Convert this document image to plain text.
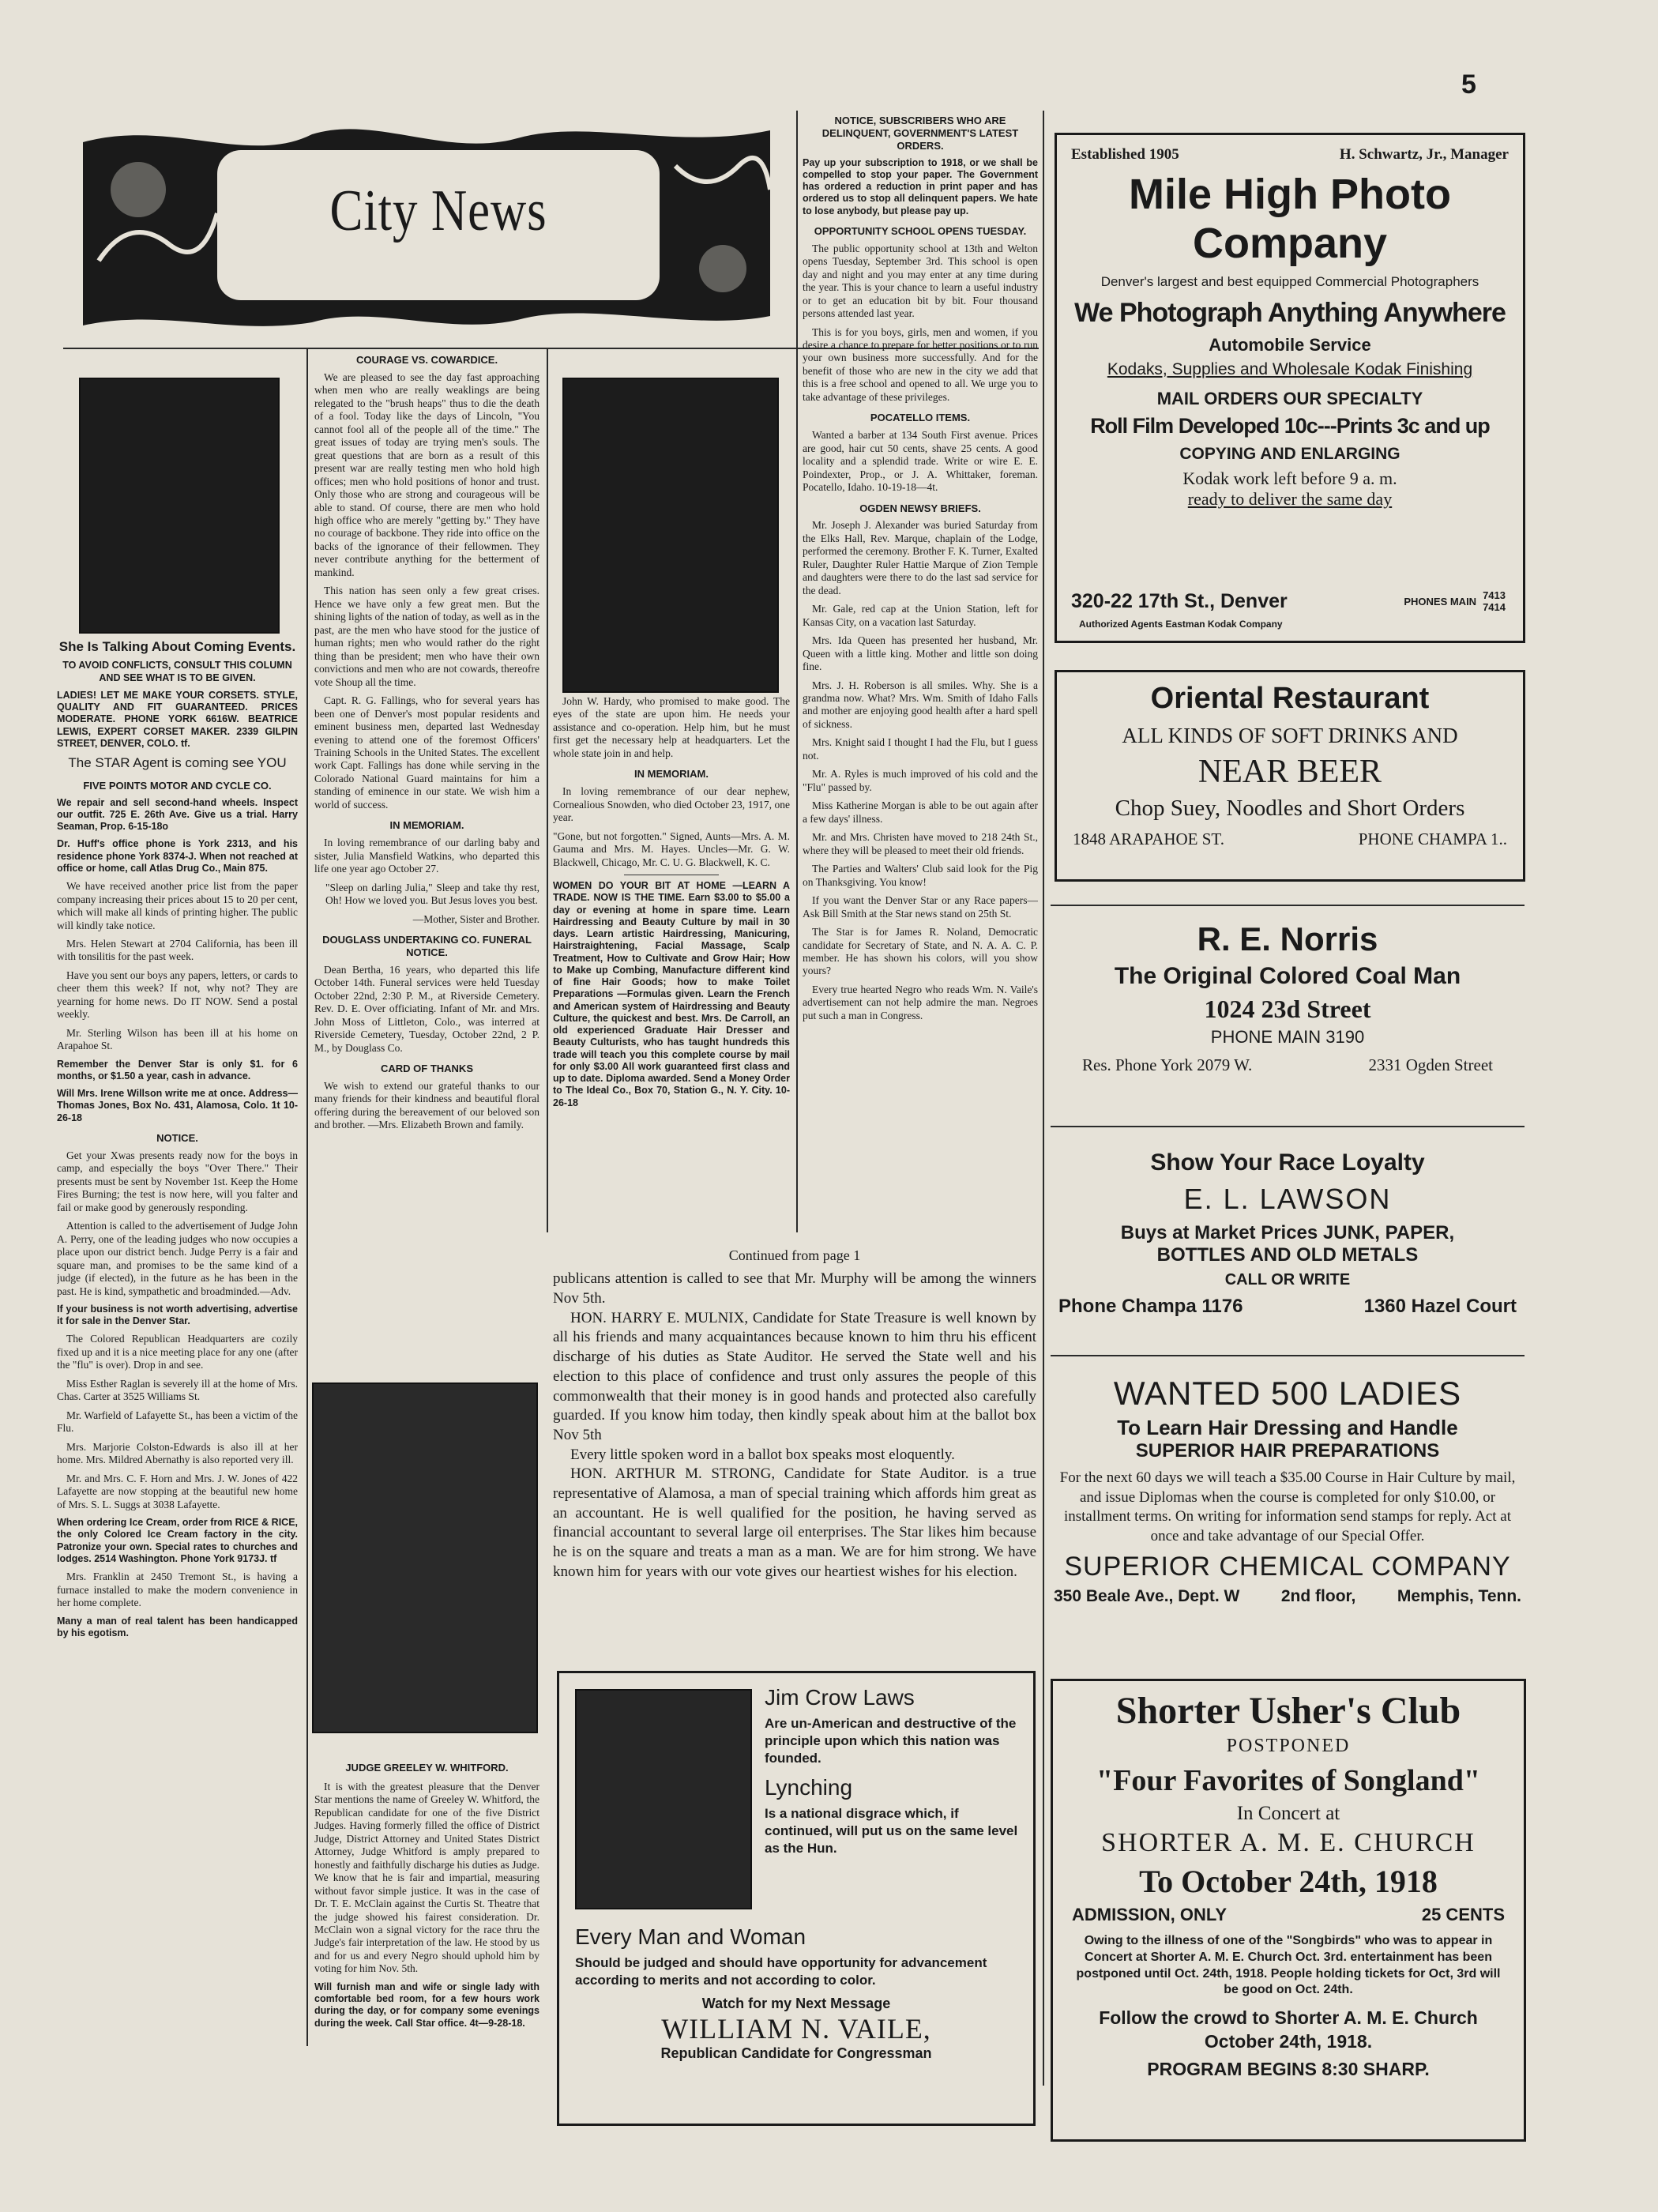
5
City News
She Is Talking About Coming Events.

TO AVOID CONFLICTS, CONSULT THIS COLUMN AND SEE WHAT IS TO BE GIVEN.

LADIES! LET ME MAKE YOUR CORSETS. STYLE, QUALITY AND FIT GUARANTEED. PRICES MODERATE. PHONE YORK 6616W. BEATRICE LEWIS, EXPERT CORSET MAKER. 2339 GILPIN STREET, DENVER, COLO. tf.

The STAR Agent is coming see YOU
FIVE POINTS MOTOR AND CYCLE CO.

We repair and sell second-hand wheels. Inspect our outfit. 725 E. 26th Ave. Give us a trial. Harry Seaman, Prop. 6-15-18o

Dr. Huff's office phone is York 2313, and his residence phone York 8374-J. When not reached at office or home, call Atlas Drug Co., Main 875.

We have received another price list from the paper company increasing their prices about 15 to 20 per cent, which will make all kinds of printing higher. The public will kindly take notice.

Mrs. Helen Stewart at 2704 California, has been ill with tonsilitis for the past week.

Have you sent our boys any papers, letters, or cards to cheer them this week? If not, why not? They are yearning for home news. Do IT NOW. Send a postal weekly.

Mr. Sterling Wilson has been ill at his home on Arapahoe St.

Remember the Denver Star is only $1. for 6 months, or $1.50 a year, cash in advance.

Will Mrs. Irene Willson write me at once. Address—Thomas Jones, Box No. 431, Alamosa, Colo. 1t 10-26-18

NOTICE.

Get your Xwas presents ready now for the boys in camp, and especially the boys "Over There." Their presents must be sent by November 1st. Keep the Home Fires Burning; the test is now here, will you falter and fail or make good by generously responding.

Attention is called to the advertisement of Judge John A. Perry, one of the leading judges who now occupies a place upon our district bench. Judge Perry is a fair and square man, and promises to be the same kind of a judge (if elected), in the future as he has been in the past. He is kind, sympathetic and broadminded.—Adv.

If your business is not worth advertising, advertise it for sale in the Denver Star.

The Colored Republican Headquarters are cozily fixed up and it is a nice meeting place for any one (after the "flu" is over). Drop in and see.

Miss Esther Raglan is severely ill at the home of Mrs. Chas. Carter at 3525 Williams St.

Mr. Warfield of Lafayette St., has been a victim of the Flu.

Mrs. Marjorie Colston-Edwards is also ill at her home. Mrs. Mildred Abernathy is also reported very ill.

Mr. and Mrs. C. F. Horn and Mrs. J. W. Jones of 422 Lafayette are now stopping at the beautiful new home of Mrs. S. L. Suggs at 3038 Lafayette.

When ordering Ice Cream, order from RICE & RICE, the only Colored Ice Cream factory in the city. Patronize your own. Special rates to churches and lodges. 2514 Washington. Phone York 9173J. tf

Mrs. Franklin at 2450 Tremont St., is having a furnace installed to make the modern convenience in her home complete.

Many a man of real talent has been handicapped by his egotism.

COURAGE VS. COWARDICE.

We are pleased to see the day fast approaching when men who are really weaklings are being relegated to the "brush heaps" thus to die the death of a fool. Today like the days of Lincoln, "You cannot fool all of the people all of the time." The great issues of today are trying men's souls. The great questions that are born as a result of this present war are really testing men who hold high offices; men who hold positions of honor and trust. Only those who are strong and courageous will be able to stand. Of course, there are men who hold high office who are merely "getting by." They have no courage of backbone. They ride into office on the backs of the ignorance of their fellowmen. They never contribute anything for the betterment of mankind.

This nation has seen only a few great crises. Hence we have only a few great men. But the shining lights of the nation of today, as well as in the past, are the men who have stood for the justice of human rights; men who would rather do the right thing than be president; men who have their own convictions and men who are not cowards, thereofre vote Shoup all the time.

Capt. R. G. Fallings, who for several years has been one of Denver's most popular residents and eminent business men, departed last Wednesday evening to attend one of the foremost Officers' Training Schools in the United States. The excellent work Capt. Fallings has done while serving in the Colorado National Guard maintains for him a standing of eminence in our state. We wish him a world of success.

IN MEMORIAM.

In loving remembrance of our darling baby and sister, Julia Mansfield Watkins, who departed this life one year ago October 27.

"Sleep on darling Julia," Sleep and take thy rest, Oh! How we loved you. But Jesus loves you best.

—Mother, Sister and Brother.

DOUGLASS UNDERTAKING CO. FUNERAL NOTICE.

Dean Bertha, 16 years, who departed this life October 14th. Funeral services were held Tuesday October 22nd, 2:30 P. M., at Riverside Cemetery. Rev. D. E. Over officiating. Infant of Mr. and Mrs. John Moss of Littleton, Colo., was interred at Riverside Cemetery, Tuesday, October 22nd, 2 P. M., by Douglass Co.

CARD OF THANKS

We wish to extend our grateful thanks to our many friends for their kindness and beautiful floral offering during the bereavement of our beloved son and brother. —Mrs. Elizabeth Brown and family.

JUDGE GREELEY W. WHITFORD.

It is with the greatest pleasure that the Denver Star mentions the name of Greeley W. Whitford, the Republican candidate for one of the five District Judges. Having formerly filled the office of District Judge, District Attorney and United States District Attorney, Judge Whitford is amply prepared to honestly and faithfully discharge his duties as Judge. We know that he is fair and impartial, measuring without favor simple justice. It was in the case of Dr. T. E. McClain against the Curtis St. Theatre that the judge showed his fairest consideration. Dr. McClain won a signal victory for the race thru the Judge's fair interpretation of the law. He stood by us and for us and every Negro should uphold him by voting for him Nov. 5th.

Will furnish man and wife or single lady with comfortable bed room, for a few hours work during the day, or for company some evenings during the week. Call Star office. 4t—9-28-18.

John W. Hardy, who promised to make good. The eyes of the state are upon him. He needs your assistance and co-operation. Help him, but he must first get the necessary help at headquarters. Let the whole state join in and help.

IN MEMORIAM.

In loving remembrance of our dear nephew, Cornealious Snowden, who died October 23, 1917, one year.

"Gone, but not forgotten." Signed, Aunts—Mrs. A. M. Gauma and Mrs. M. Hayes. Uncles—Mr. G. W. Blackwell, Chicago, Mr. C. U. G. Blackwell, K. C.

WOMEN DO YOUR BIT AT HOME —LEARN A TRADE. NOW IS THE TIME. Earn $3.00 to $5.00 a day or evening at home in spare time. Learn Hairdressing and Beauty Culture by mail in 30 days. Learn artistic Hairdressing, Manicuring, Hairstraightening, Facial Massage, Scalp Treatment, How to Cultivate and Grow Hair; How to Make up Combing, Manufacture different kind of fine Hair Goods; how to make Toilet Preparations —Formulas given. Learn the French and American system of Hairdressing and Beauty Culture, the quickest and best. Mrs. De Carroll, an old experienced Graduate Hair Dresser and Beauty Culturists, who has taught hundreds this trade will teach you this complete course by mail for only $3.00 All work guaranteed first class and up to date. Diploma awarded. Send a Money Order to The Ideal Co., Box 70, Station G., N. Y. City. 10-26-18

NOTICE, SUBSCRIBERS WHO ARE DELINQUENT, GOVERNMENT'S LATEST ORDERS.

Pay up your subscription to 1918, or we shall be compelled to stop your paper. The Government has ordered a reduction in print paper and has ordered us to stop all delinquent papers. We hate to lose anybody, but please pay up.

OPPORTUNITY SCHOOL OPENS TUESDAY.

The public opportunity school at 13th and Welton opens Tuesday, September 3rd. This school is open day and night and you may enter at any time during the year. This is your chance to learn a useful industry or to get an education bit by bit. Four thousand persons attended last year.

This is for you boys, girls, men and women, if you desire a chance to prepare for better positions or to run your own business more successfully. And for the benefit of those who are new in the city we add that this is a free school and opened to all. We urge you to take advantage of these privileges.

POCATELLO ITEMS.

Wanted a barber at 134 South First avenue. Prices are good, hair cut 50 cents, shave 25 cents. A good locality and a splendid trade. Write or wire E. E. Poindexter, Prop., or J. A. Whittaker, foreman. Pocatello, Idaho. 10-19-18—4t.

OGDEN NEWSY BRIEFS.

Mr. Joseph J. Alexander was buried Saturday from the Elks Hall, Rev. Marque, chaplain of the Lodge, performed the ceremony. Brother F. K. Turner, Exalted Ruler, Daughter Ruler Hattie Marque of Zion Temple and daughters were there to do the last sad service for the dead.

Mr. Gale, red cap at the Union Station, left for Kansas City, on a vacation last Saturday.

Mrs. Ida Queen has presented her husband, Mr. Queen with a little king. Mother and little son doing fine.

Mrs. J. H. Roberson is all smiles. Why. She is a grandma now. What? Mrs. Wm. Smith of Idaho Falls and mother are enjoying good health after a hard spell of sickness.

Mrs. Knight said I thought I had the Flu, but I guess not.

Mr. A. Ryles is much improved of his cold and the "Flu" passed by.

Miss Katherine Morgan is able to be out again after a few days' illness.

Mr. and Mrs. Christen have moved to 218 24th St., where they will be pleased to meet their old friends.

The Parties and Walters' Club said look for the Pig on Thanksgiving. You know!

If you want the Denver Star or any Race papers—Ask Bill Smith at the Star news stand on 25th St.

The Star is for James R. Noland, Democratic candidate for Secretary of State, and N. A. A. C. P. member. He has shown his colors, will you show yours?

Every true hearted Negro who reads Wm. N. Vaile's advertisement can not help admire the man. Negroes put such a man in Congress.

Continued from page 1

publicans attention is called to see that Mr. Murphy will be among the winners Nov 5th.

HON. HARRY E. MULNIX, Candidate for State Treasure is well known by all his friends and many acquaintances because known to him thru his efficent discharge of his duties as State Auditor. He served the State well and his election to this place of confidence and trust only assures the people of this commonwealth that their money is in good hands and protected also carefully guarded. If you know him today, then kindly speak about him at the ballot box Nov 5th

Every little spoken word in a ballot box speaks most eloquently.

HON. ARTHUR M. STRONG, Candidate for State Auditor. is a true representative of Alamosa, a man of special training which affords him great as an accountant. He is well qualified for the position, he having served as financial accountant to several large oil enterprises. The Star likes him because he is on the square and treats a man as a man. We are for him strong. We have known him for years with our vote gives our heartiest wishes for his election.

Jim Crow Laws

Are un-American and destructive of the principle upon which this nation was founded.

Lynching

Is a national disgrace which, if continued, will put us on the same level as the Hun.

Every Man and Woman

Should be judged and should have opportunity for advancement according to merits and not according to color.

Watch for my Next Message

WILLIAM N. VAILE,

Republican Candidate for Congressman

Established 1905	H. Schwartz, Jr., Manager

Mile High Photo

Company

Denver's largest and best equipped Commercial Photographers

We Photograph Anything Anywhere

Automobile Service

Kodaks, Supplies and Wholesale Kodak Finishing

MAIL ORDERS OUR SPECIALTY

Roll Film Developed 10c---Prints 3c and up

COPYING AND ENLARGING

Kodak work left before 9 a. m.

ready to deliver the same day

320-22 17th St., Denver	PHONES MAIN 7413
7414

Authorized Agents Eastman Kodak Company

Oriental Restaurant

ALL KINDS OF SOFT DRINKS AND

NEAR BEER

Chop Suey, Noodles and Short Orders

1848 ARAPAHOE ST.	PHONE CHAMPA 1..

R. E. Norris

The Original Colored Coal Man

1024 23d Street

PHONE MAIN 3190

Res. Phone York 2079 W.	2331 Ogden Street

Show Your Race Loyalty

E. L. LAWSON

Buys at Market Prices JUNK, PAPER,

BOTTLES AND OLD METALS

CALL OR WRITE

Phone Champa 1176	1360 Hazel Court

WANTED 500 LADIES

To Learn Hair Dressing and Handle

SUPERIOR HAIR PREPARATIONS

For the next 60 days we will teach a $35.00 Course in Hair Culture by mail, and issue Diplomas when the course is completed for only $10.00, or installment terms. On writing for information send stamps for reply. Act at once and take advantage of our Special Offer.

SUPERIOR CHEMICAL COMPANY

350 Beale Ave., Dept. W	2nd floor,	Memphis, Tenn.

Shorter Usher's Club

POSTPONED

"Four Favorites of Songland"

In Concert at

SHORTER A. M. E. CHURCH

To October 24th, 1918

ADMISSION, ONLY	25 CENTS

Owing to the illness of one of the "Songbirds" who was to appear in Concert at Shorter A. M. E. Church Oct. 3rd. entertainment has been postponed until Oct. 24th, 1918. People holding tickets for Oct, 3rd will be good on Oct. 24th.

Follow the crowd to Shorter A. M. E. Church October 24th, 1918.

PROGRAM BEGINS 8:30 SHARP.
